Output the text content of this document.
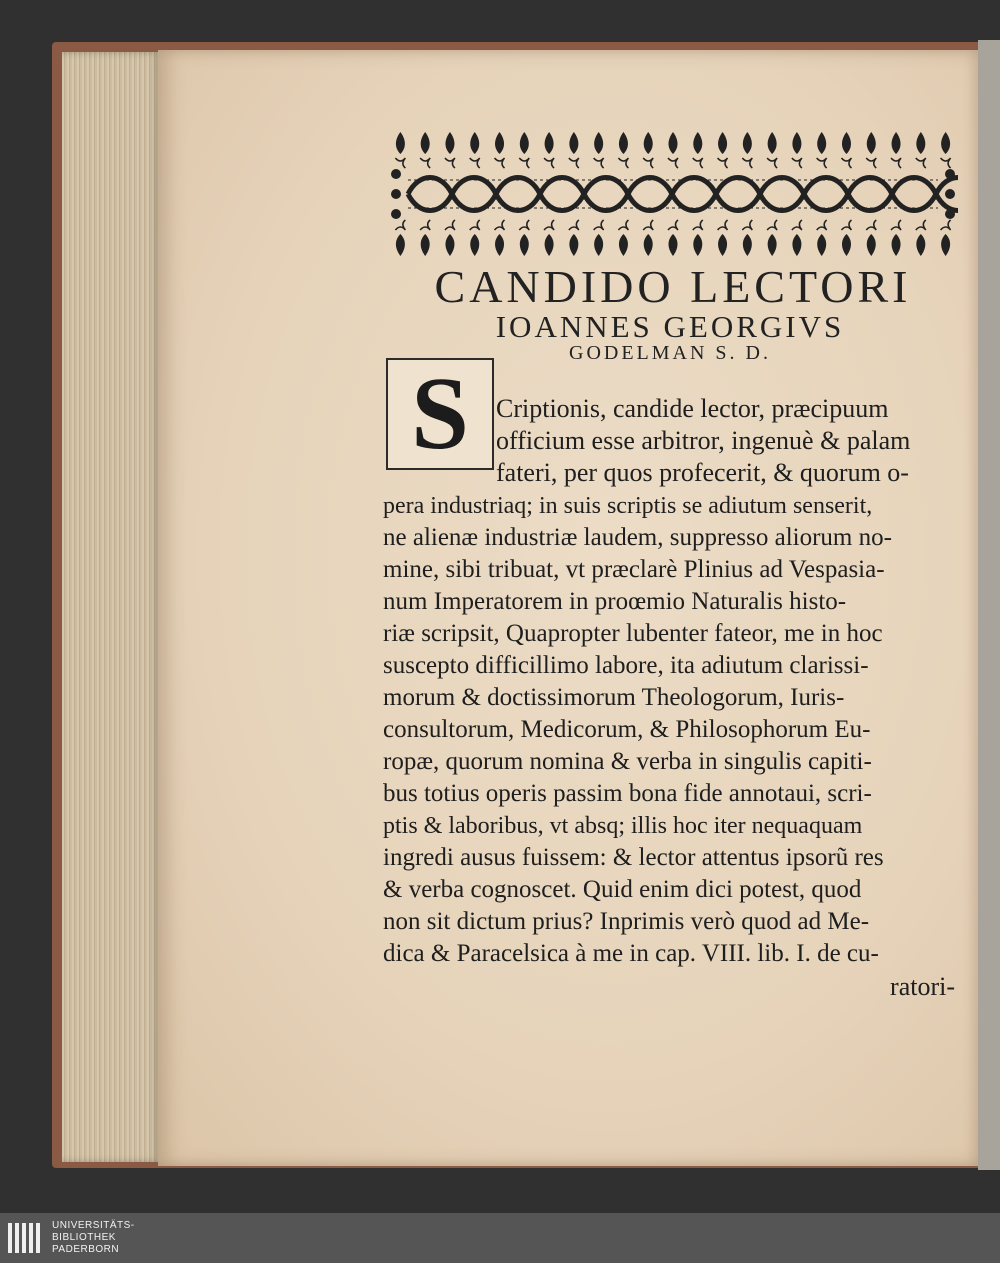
CANDIDO LECTORI
IOANNES GEORGIVS
GODELMAN S. D.
S	Criptionis, candide lector, præcipuum
officium esse arbitror, ingenuè & palam
fateri, per quos profecerit, & quorum o-
pera industriaq; in suis scriptis se adiutum senserit,
ne alienæ industriæ laudem, suppresso aliorum no-
mine, sibi tribuat, vt præclarè Plinius ad Vespasia-
num Imperatorem in proœmio Naturalis histo-
riæ scripsit, Quapropter lubenter fateor, me in hoc
suscepto difficillimo labore, ita adiutum clarissi-
morum & doctissimorum Theologorum, Iuris-
consultorum, Medicorum, & Philosophorum Eu-
ropæ, quorum nomina & verba in singulis capiti-
bus totius operis passim bona fide annotaui, scri-
ptis & laboribus, vt absq; illis hoc iter nequaquam
ingredi ausus fuissem: & lector attentus ipsorũ res
& verba cognoscet. Quid enim dici potest, quod
non sit dictum prius? Inprimis verò quod ad Me-
dica & Paracelsica à me in cap. VIII. lib. I. de cu-
ratori-
UNIVERSITÄTS-
BIBLIOTHEK
PADERBORN
